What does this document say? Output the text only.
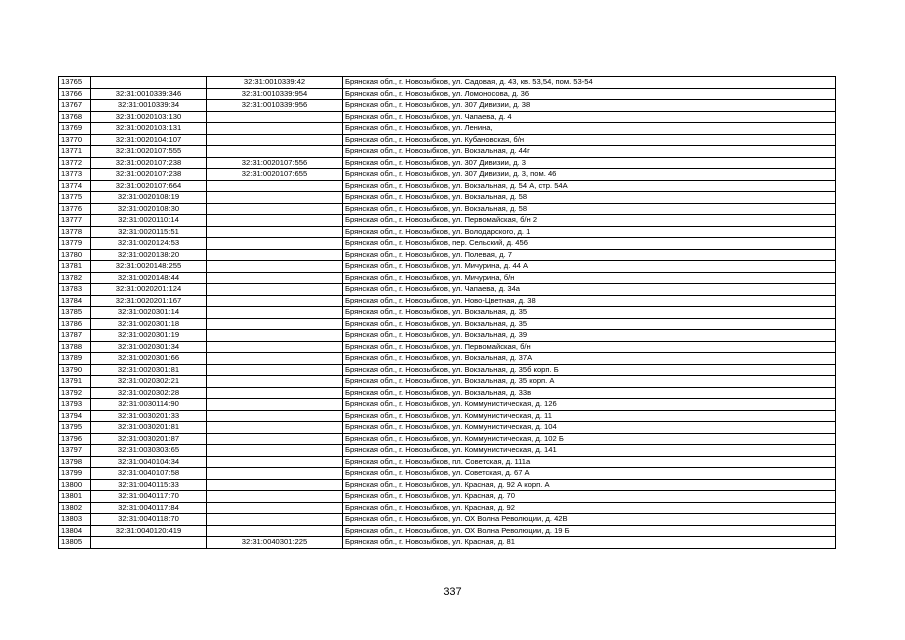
13765		32:31:0010339:42	Брянская обл., г. Новозыбков, ул. Садовая, д. 43, кв. 53,54, пом. 53-54
13766	32:31:0010339:346	32:31:0010339:954	Брянская обл., г. Новозыбков, ул. Ломоносова, д. 36
13767	32:31:0010339:34	32:31:0010339:956	Брянская обл., г. Новозыбков, ул. 307 Дивизии, д. 38
13768	32:31:0020103:130		Брянская обл., г. Новозыбков, ул. Чапаева, д. 4
13769	32:31:0020103:131		Брянская обл., г. Новозыбков, ул. Ленина,
13770	32:31:0020104:107		Брянская обл., г. Новозыбков, ул. Кубановская, б/н
13771	32:31:0020107:555		Брянская обл., г. Новозыбков, ул. Вокзальная, д. 44г
13772	32:31:0020107:238	32:31:0020107:556	Брянская обл., г. Новозыбков, ул. 307 Дивизии, д. 3
13773	32:31:0020107:238	32:31:0020107:655	Брянская обл., г. Новозыбков, ул. 307 Дивизии, д. 3, пом. 46
13774	32:31:0020107:664		Брянская обл., г. Новозыбков, ул. Вокзальная, д. 54 А, стр. 54А
13775	32:31:0020108:19		Брянская обл., г. Новозыбков, ул. Вокзальная, д. 58
13776	32:31:0020108:30		Брянская обл., г. Новозыбков, ул. Вокзальная, д. 58
13777	32:31:0020110:14		Брянская обл., г. Новозыбков, ул. Первомайская, б/н 2
13778	32:31:0020115:51		Брянская обл., г. Новозыбков, ул. Володарского, д. 1
13779	32:31:0020124:53		Брянская обл., г. Новозыбков, пер. Сельский, д. 456
13780	32:31:0020138:20		Брянская обл., г. Новозыбков, ул. Полевая, д. 7
13781	32:31:0020148:255		Брянская обл., г. Новозыбков, ул. Мичурина, д. 44 А
13782	32:31:0020148:44		Брянская обл., г. Новозыбков, ул. Мичурина, б/н
13783	32:31:0020201:124		Брянская обл., г. Новозыбков, ул. Чапаева, д. 34а
13784	32:31:0020201:167		Брянская обл., г. Новозыбков, ул. Ново-Цветная, д. 38
13785	32:31:0020301:14		Брянская обл., г. Новозыбков, ул. Вокзальная, д. 35
13786	32:31:0020301:18		Брянская обл., г. Новозыбков, ул. Вокзальная, д. 35
13787	32:31:0020301:19		Брянская обл., г. Новозыбков, ул. Вокзальная, д. 39
13788	32:31:0020301:34		Брянская обл., г. Новозыбков, ул. Первомайская, б/н
13789	32:31:0020301:66		Брянская обл., г. Новозыбков, ул. Вокзальная, д. 37А
13790	32:31:0020301:81		Брянская обл., г. Новозыбков, ул. Вокзальная, д. 35б корп. Б
13791	32:31:0020302:21		Брянская обл., г. Новозыбков, ул. Вокзальная, д. 35 корп. А
13792	32:31:0020302:28		Брянская обл., г. Новозыбков, ул. Вокзальная, д. 33в
13793	32:31:0030114:90		Брянская обл., г. Новозыбков, ул. Коммунистическая, д. 126
13794	32:31:0030201:33		Брянская обл., г. Новозыбков, ул. Коммунистическая, д. 11
13795	32:31:0030201:81		Брянская обл., г. Новозыбков, ул. Коммунистическая, д. 104
13796	32:31:0030201:87		Брянская обл., г. Новозыбков, ул. Коммунистическая, д. 102 Б
13797	32:31:0030303:65		Брянская обл., г. Новозыбков, ул. Коммунистическая, д. 141
13798	32:31:0040104:34		Брянская обл., г. Новозыбков, пл. Советская, д. 111а
13799	32:31:0040107:58		Брянская обл., г. Новозыбков, ул. Советская, д. 67 А
13800	32:31:0040115:33		Брянская обл., г. Новозыбков, ул. Красная, д. 92 А корп. А
13801	32:31:0040117:70		Брянская обл., г. Новозыбков, ул. Красная, д. 70
13802	32:31:0040117:84		Брянская обл., г. Новозыбков, ул. Красная, д. 92
13803	32:31:0040118:70		Брянская обл., г. Новозыбков, ул. ОХ Волна Революции, д. 42В
13804	32:31:0040120:419		Брянская обл., г. Новозыбков, ул. ОХ Волна Революции, д. 19 Б
13805		32:31:0040301:225	Брянская обл., г. Новозыбков, ул. Красная, д. 81
337
